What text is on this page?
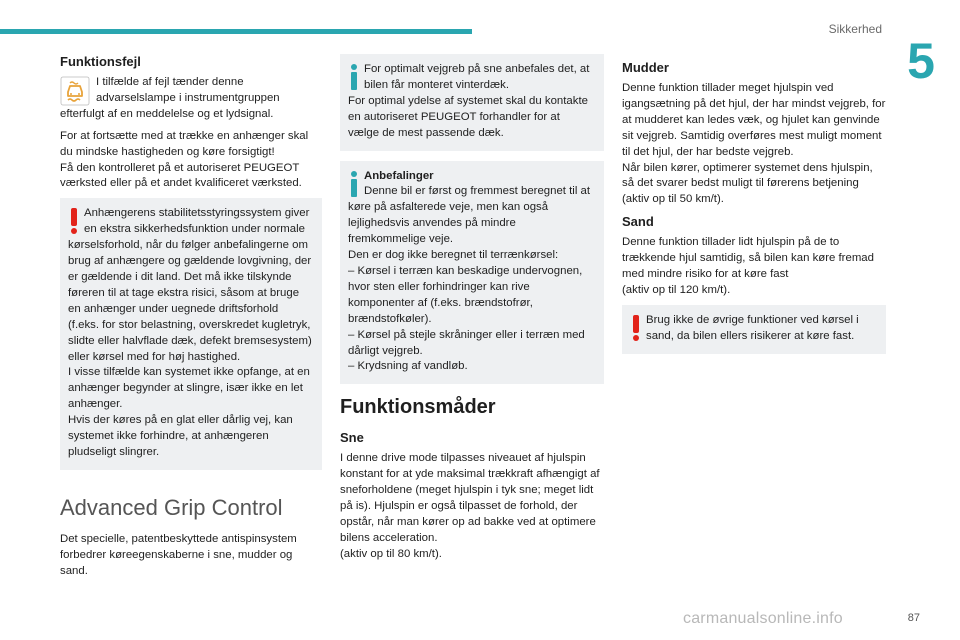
Sikkerhed
5
Funktionsfejl

I tilfælde af fejl tænder denne advarselslampe i instrumentgruppen efterfulgt af en meddelelse og et lydsignal.

For at fortsætte med at trække en anhænger skal du mindske hastigheden og køre forsigtigt!

Få den kontrolleret på et autoriseret PEUGEOT værksted eller på et andet kvalificeret værksted.

Anhængerens stabilitetsstyringssystem giver en ekstra sikkerhedsfunktion under normale kørselsforhold, når du følger anbefalingerne om brug af anhængere og gældende lovgivning, der er gældende i dit land. Det må ikke tilskynde føreren til at tage ekstra risici, såsom at bruge en anhænger under uegnede driftsforhold (f.eks. for stor belastning, overskredet kugletryk, slidte eller halvflade dæk, defekt bremsesystem) eller kørsel med for høj hastighed.

I visse tilfælde kan systemet ikke opfange, at en anhænger begynder at slingre, især ikke en let anhænger.

Hvis der køres på en glat eller dårlig vej, kan systemet ikke forhindre, at anhængeren pludseligt slingrer.

Advanced Grip Control

Det specielle, patentbeskyttede antispinsystem forbedrer køreegenskaberne i sne, mudder og sand.

For optimalt vejgreb på sne anbefales det, at bilen får monteret vinterdæk.

For optimal ydelse af systemet skal du kontakte en autoriseret PEUGEOT forhandler for at vælge de mest passende dæk.

Anbefalinger

Denne bil er først og fremmest beregnet til at køre på asfalterede veje, men kan også lejlighedsvis anvendes på mindre fremkommelige veje.

Den er dog ikke beregnet til terrænkørsel:

– Kørsel i terræn kan beskadige undervognen, hvor sten eller forhindringer kan rive komponenter af (f.eks. brændstofrør, brændstofkøler).

– Kørsel på stejle skråninger eller i terræn med dårligt vejgreb.

– Krydsning af vandløb.

Funktionsmåder
Sne

I denne drive mode tilpasses niveauet af hjulspin konstant for at yde maksimal trækkraft afhængigt af sneforholdene (meget hjulspin i tyk sne; meget lidt på is). Hjulspin er også tilpasset de forhold, der opstår, når man kører op ad bakke ved at optimere bilens acceleration.

(aktiv op til 80 km/t).

Mudder

Denne funktion tillader meget hjulspin ved igangsætning på det hjul, der har mindst vejgreb, for at mudderet kan ledes væk, og hjulet kan genvinde sit vejgreb. Samtidig overføres mest muligt moment til det hjul, der har bedste vejgreb.

Når bilen kører, optimerer systemet dens hjulspin, så det svarer bedst muligt til førerens betjening

(aktiv op til 50 km/t).

Sand

Denne funktion tillader lidt hjulspin på de to trækkende hjul samtidig, så bilen kan køre fremad med mindre risiko for at køre fast

(aktiv op til 120 km/t).

Brug ikke de øvrige funktioner ved kørsel i sand, da bilen ellers risikerer at køre fast.

carmanualsonline.info	87
